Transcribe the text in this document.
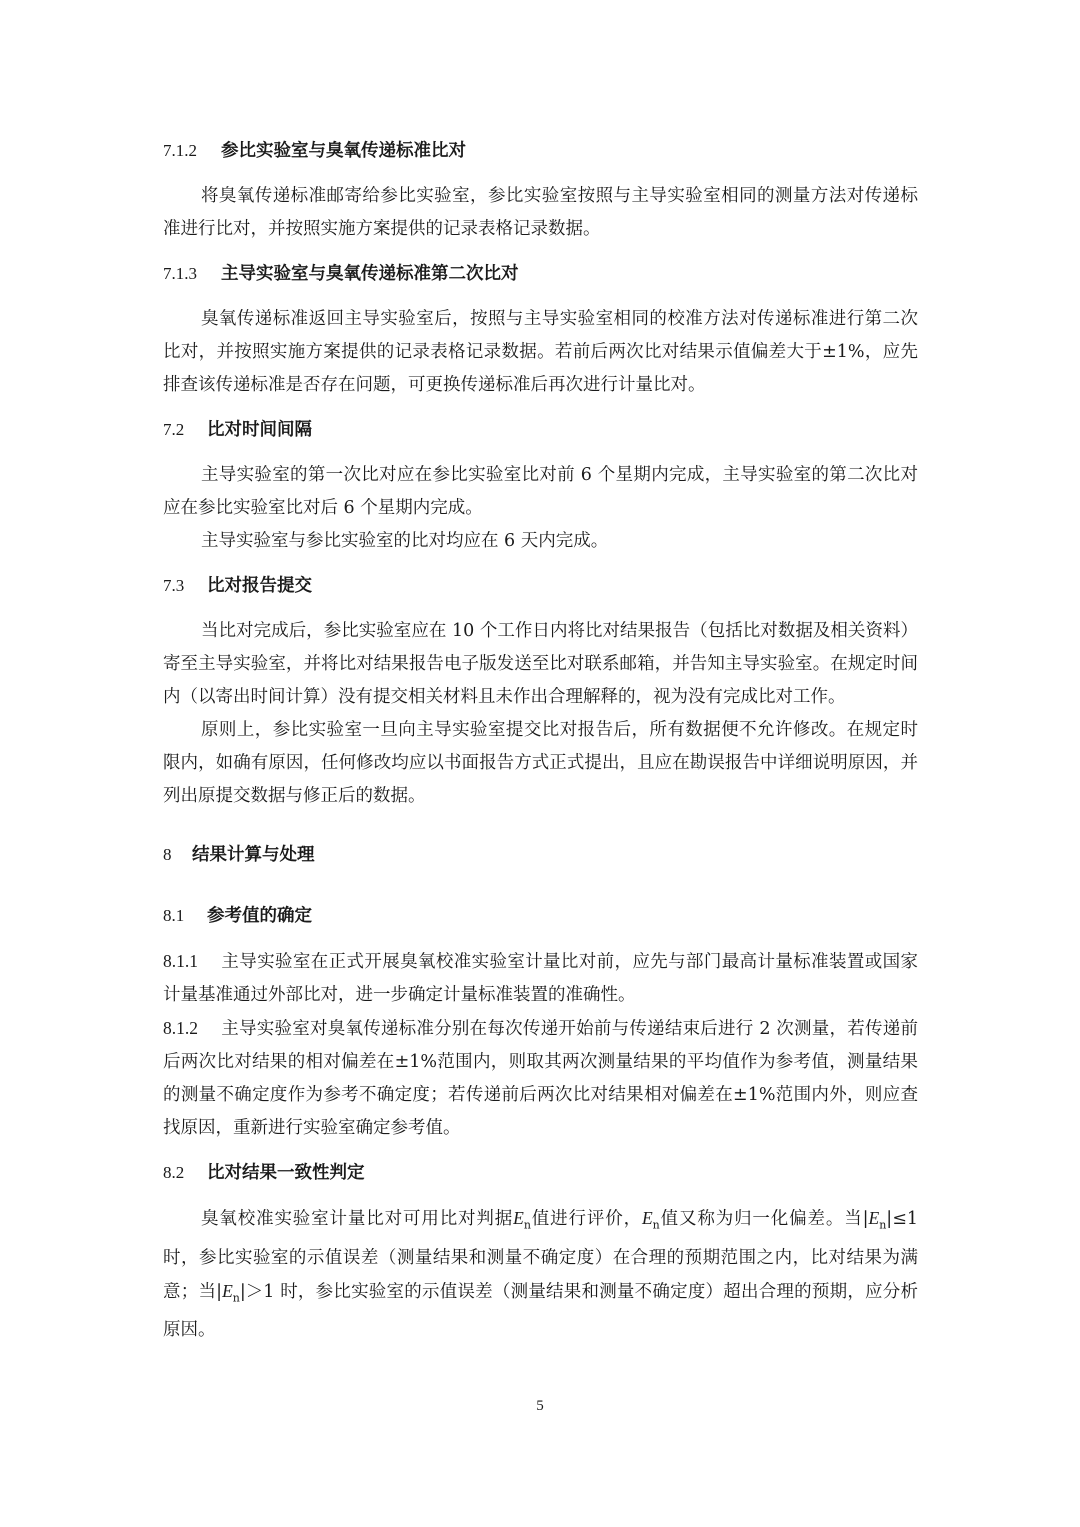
7.1.2 参比实验室与臭氧传递标准比对

将臭氧传递标准邮寄给参比实验室，参比实验室按照与主导实验室相同的测量方法对传递标准进行比对，并按照实施方案提供的记录表格记录数据。

7.1.3 主导实验室与臭氧传递标准第二次比对

臭氧传递标准返回主导实验室后，按照与主导实验室相同的校准方法对传递标准进行第二次比对，并按照实施方案提供的记录表格记录数据。若前后两次比对结果示值偏差大于±1%，应先排查该传递标准是否存在问题，可更换传递标准后再次进行计量比对。

7.2 比对时间间隔

主导实验室的第一次比对应在参比实验室比对前 6 个星期内完成，主导实验室的第二次比对应在参比实验室比对后 6 个星期内完成。

主导实验室与参比实验室的比对均应在 6 天内完成。

7.3 比对报告提交

当比对完成后，参比实验室应在 10 个工作日内将比对结果报告（包括比对数据及相关资料）寄至主导实验室，并将比对结果报告电子版发送至比对联系邮箱，并告知主导实验室。在规定时间内（以寄出时间计算）没有提交相关材料且未作出合理解释的，视为没有完成比对工作。

原则上，参比实验室一旦向主导实验室提交比对报告后，所有数据便不允许修改。在规定时限内，如确有原因，任何修改均应以书面报告方式正式提出，且应在勘误报告中详细说明原因，并列出原提交数据与修正后的数据。

8 结果计算与处理
8.1 参考值的确定

8.1.1 主导实验室在正式开展臭氧校准实验室计量比对前，应先与部门最高计量标准装置或国家计量基准通过外部比对，进一步确定计量标准装置的准确性。

8.1.2 主导实验室对臭氧传递标准分别在每次传递开始前与传递结束后进行 2 次测量，若传递前后两次比对结果的相对偏差在±1%范围内，则取其两次测量结果的平均值作为参考值，测量结果的测量不确定度作为参考不确定度；若传递前后两次比对结果相对偏差在±1%范围内外，则应查找原因，重新进行实验室确定参考值。

8.2 比对结果一致性判定

臭氧校准实验室计量比对可用比对判据$E_n$值进行评价，$E_n$值又称为归一化偏差。当$|E_n|\le 1$ 时，参比实验室的示值误差（测量结果和测量不确定度）在合理的预期范围之内，比对结果为满意；当$|E_n|>1$ 时，参比实验室的示值误差（测量结果和测量不确定度）超出合理的预期，应分析原因。

5
